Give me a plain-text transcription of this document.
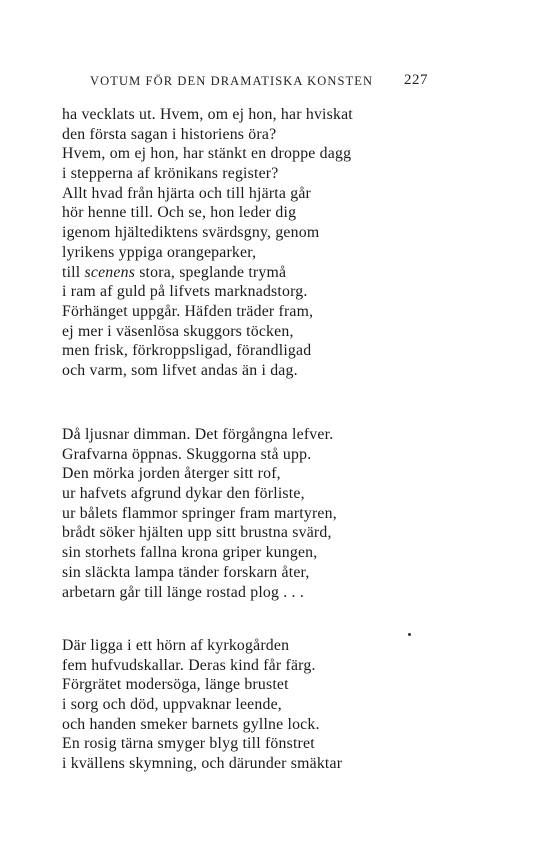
VOTUM FÖR DEN DRAMATISKA KONSTEN 227
ha vecklats ut. Hvem, om ej hon, har hviskat
den första sagan i historiens öra?
Hvem, om ej hon, har stänkt en droppe dagg
i stepperna af krönikans register?
Allt hvad från hjärta och till hjärta går
hör henne till. Och se, hon leder dig
igenom hjältediktens svärdsgny, genom
lyrikens yppiga orangeparker,
till scenens stora, speglande trymå
i ram af guld på lifvets marknadstorg.
Förhänget uppgår. Häfden träder fram,
ej mer i väsenlösa skuggors töcken,
men frisk, förkroppsligad, förandligad
och varm, som lifvet andas än i dag.
Då ljusnar dimman. Det förgångna lefver.
Grafvarna öppnas. Skuggorna stå upp.
Den mörka jorden återger sitt rof,
ur hafvets afgrund dykar den förliste,
ur bålets flammor springer fram martyren,
brådt söker hjälten upp sitt brustna svärd,
sin storhets fallna krona griper kungen,
sin släckta lampa tänder forskarn åter,
arbetarn går till länge rostad plog . . .
Där ligga i ett hörn af kyrkogården
fem hufvudskallar. Deras kind får färg.
Förgrätet modersöga, länge brustet
i sorg och död, uppvaknar leende,
och handen smeker barnets gyllne lock.
En rosig tärna smyger blyg till fönstret
i kvällens skymning, och därunder smäktar
